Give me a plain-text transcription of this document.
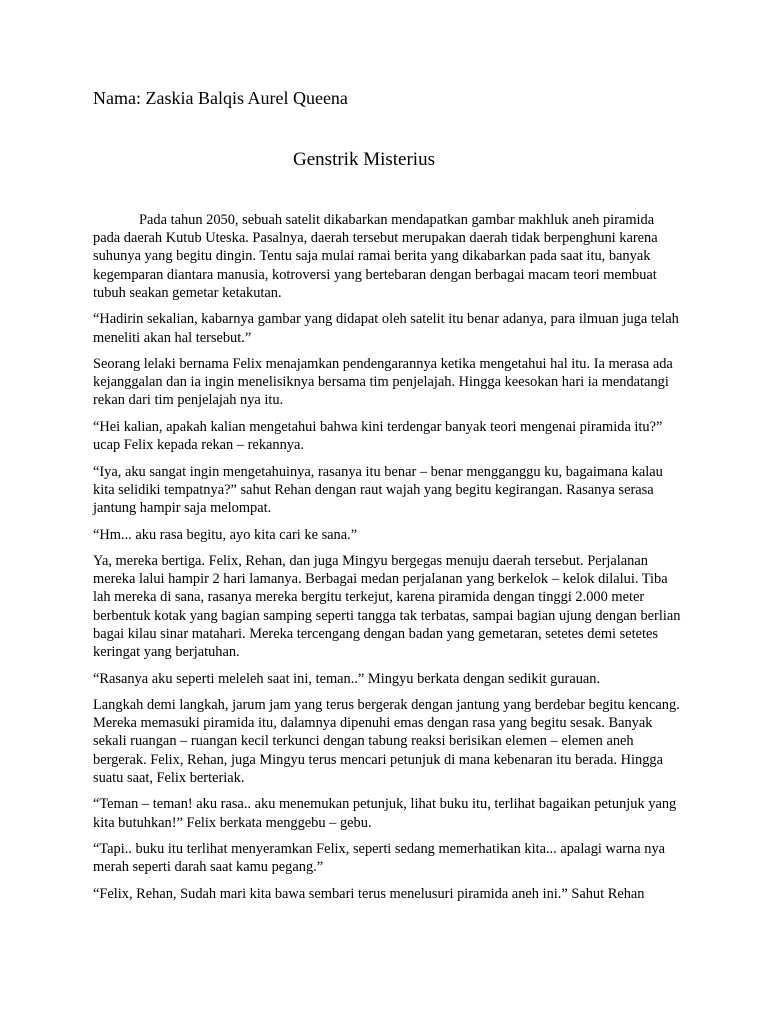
Nama: Zaskia Balqis Aurel Queena

Genstrik Misterius

Pada tahun 2050, sebuah satelit dikabarkan mendapatkan gambar makhluk aneh piramida pada daerah Kutub Uteska. Pasalnya, daerah tersebut merupakan daerah tidak berpenghuni karena suhunya yang begitu dingin. Tentu saja mulai ramai berita yang dikabarkan pada saat itu, banyak kegemparan diantara manusia, kotroversi yang bertebaran dengan berbagai macam teori membuat tubuh seakan gemetar ketakutan.

“Hadirin sekalian, kabarnya gambar yang didapat oleh satelit itu benar adanya, para ilmuan juga telah meneliti akan hal tersebut.”

Seorang lelaki bernama Felix menajamkan pendengarannya ketika mengetahui hal itu. Ia merasa ada kejanggalan dan ia ingin menelisiknya bersama tim penjelajah. Hingga keesokan hari ia mendatangi rekan dari tim penjelajah nya itu.

“Hei kalian, apakah kalian mengetahui bahwa kini terdengar banyak teori mengenai piramida itu?” ucap Felix kepada rekan – rekannya.

“Iya, aku sangat ingin mengetahuinya, rasanya itu benar – benar mengganggu ku, bagaimana kalau kita selidiki tempatnya?” sahut Rehan dengan raut wajah yang begitu kegirangan. Rasanya serasa jantung hampir saja melompat.

“Hm... aku rasa begitu, ayo kita cari ke sana.”

Ya, mereka bertiga. Felix, Rehan, dan juga Mingyu bergegas menuju daerah tersebut. Perjalanan mereka lalui hampir 2 hari lamanya. Berbagai medan perjalanan yang berkelok – kelok dilalui. Tiba lah mereka di sana, rasanya mereka bergitu terkejut, karena piramida dengan tinggi 2.000 meter berbentuk kotak yang bagian samping seperti tangga tak terbatas, sampai bagian ujung dengan berlian bagai kilau sinar matahari. Mereka tercengang dengan badan yang gemetaran, setetes demi setetes keringat yang berjatuhan.

“Rasanya aku seperti meleleh saat ini, teman..” Mingyu berkata dengan sedikit gurauan.

Langkah demi langkah, jarum jam yang terus bergerak dengan jantung yang berdebar begitu kencang. Mereka memasuki piramida itu, dalamnya dipenuhi emas dengan rasa yang begitu sesak. Banyak sekali ruangan – ruangan kecil terkunci dengan tabung reaksi berisikan elemen – elemen aneh bergerak. Felix, Rehan, juga Mingyu terus mencari petunjuk di mana kebenaran itu berada. Hingga suatu saat, Felix berteriak.

“Teman – teman! aku rasa.. aku menemukan petunjuk, lihat buku itu, terlihat bagaikan petunjuk yang kita butuhkan!” Felix berkata menggebu – gebu.

“Tapi.. buku itu terlihat menyeramkan Felix, seperti sedang memerhatikan kita... apalagi warna nya merah seperti darah saat kamu pegang.”

“Felix, Rehan, Sudah mari kita bawa sembari terus menelusuri piramida aneh ini.” Sahut Rehan
